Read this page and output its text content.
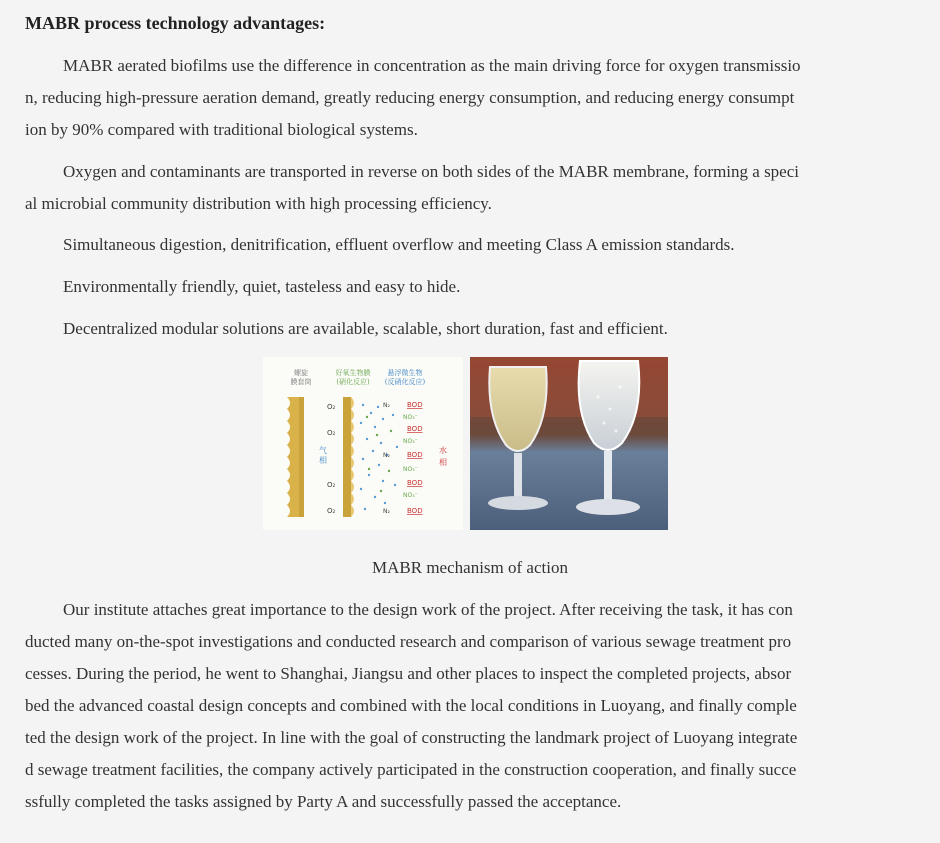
MABR process technology advantages:
MABR aerated biofilms use the difference in concentration as the main driving force for oxygen transmissio
n, reducing high-pressure aeration demand, greatly reducing energy consumption, and reducing energy consumpt
ion by 90% compared with traditional biological systems.
Oxygen and contaminants are transported in reverse on both sides of the MABR membrane, forming a speci
al microbial community distribution with high processing efficiency.
Simultaneous digestion, denitrification, effluent overflow and meeting Class A emission standards.
Environmentally friendly, quiet, tasteless and easy to hide.
Decentralized modular solutions are available, scalable, short duration, fast and efficient.
螺旋
膜套筒
好氧生物膜
(硝化反应)
悬浮微生物
(反硝化反应)
气
相
O₂
O₂
O₂
O₂
N₂ BOD
NO₃⁻
BOD
NO₃⁻
N₂ BOD
NO₃⁻
BOD
NO₃⁻
N₂ BOD
水
相
MABR mechanism of action
Our institute attaches great importance to the design work of the project. After receiving the task, it has con
ducted many on-the-spot investigations and conducted research and comparison of various sewage treatment pro
cesses. During the period, he went to Shanghai, Jiangsu and other places to inspect the completed projects, absor
bed the advanced coastal design concepts and combined with the local conditions in Luoyang, and finally comple
ted the design work of the project. In line with the goal of constructing the landmark project of Luoyang integrate
d sewage treatment facilities, the company actively participated in the construction cooperation, and finally succe
ssfully completed the tasks assigned by Party A and successfully passed the acceptance.
